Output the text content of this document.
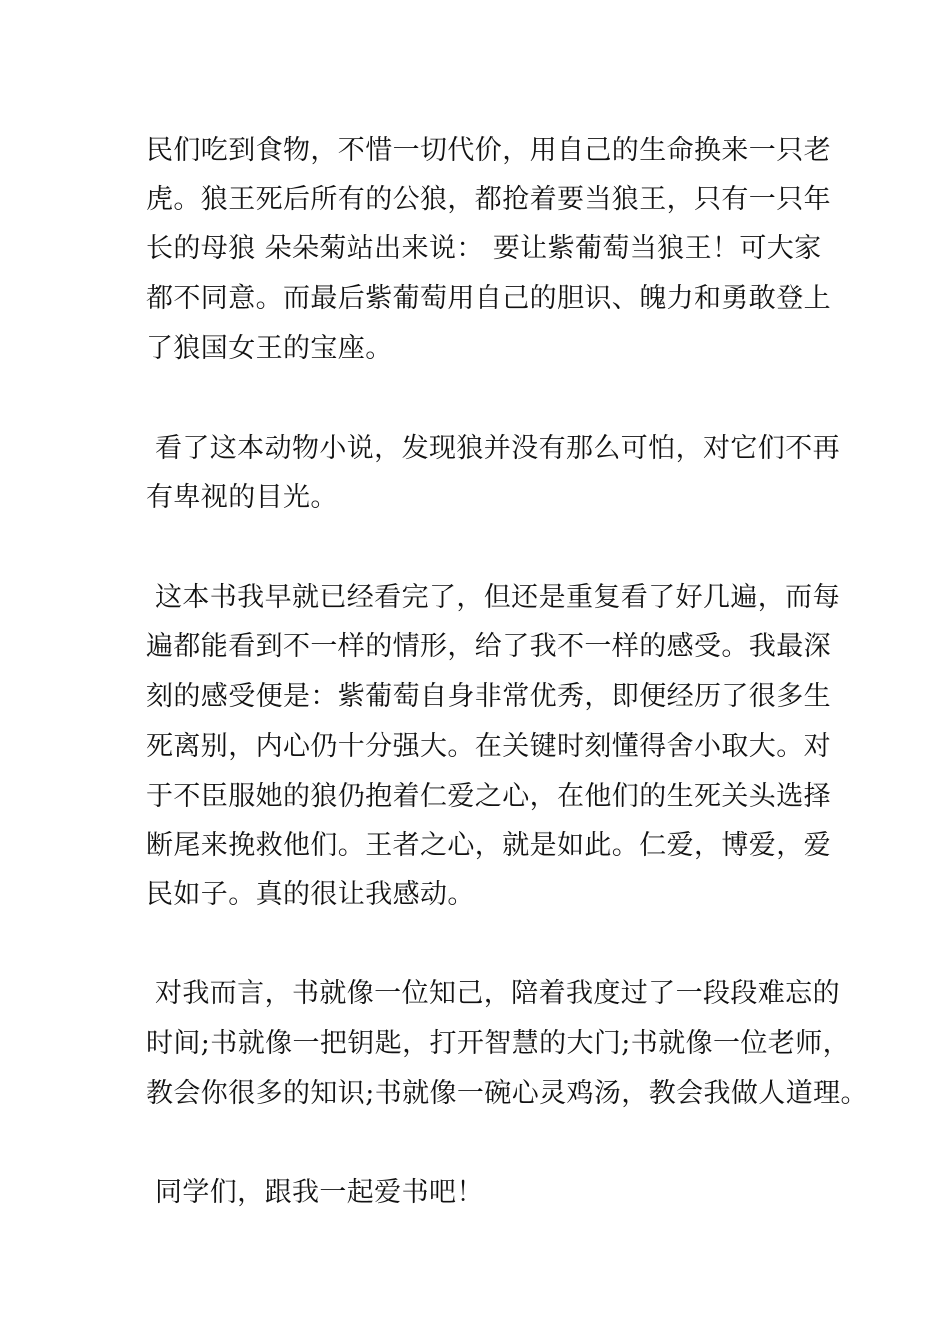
民们吃到食物，不惜一切代价，用自己的生命换来一只老
虎。狼王死后所有的公狼，都抢着要当狼王，只有一只年
长的母狼 朵朵菊站出来说： 要让紫葡萄当狼王！可大家
都不同意。而最后紫葡萄用自己的胆识、魄力和勇敢登上
了狼国女王的宝座。
看了这本动物小说，发现狼并没有那么可怕，对它们不再
有卑视的目光。
这本书我早就已经看完了，但还是重复看了好几遍，而每
遍都能看到不一样的情形，给了我不一样的感受。我最深
刻的感受便是：紫葡萄自身非常优秀，即便经历了很多生
死离别，内心仍十分强大。在关键时刻懂得舍小取大。对
于不臣服她的狼仍抱着仁爱之心，在他们的生死关头选择
断尾来挽救他们。王者之心，就是如此。仁爱，博爱，爱
民如子。真的很让我感动。
对我而言，书就像一位知己，陪着我度过了一段段难忘的
时间;书就像一把钥匙，打开智慧的大门;书就像一位老师，
教会你很多的知识;书就像一碗心灵鸡汤，教会我做人道理。
同学们，跟我一起爱书吧！
